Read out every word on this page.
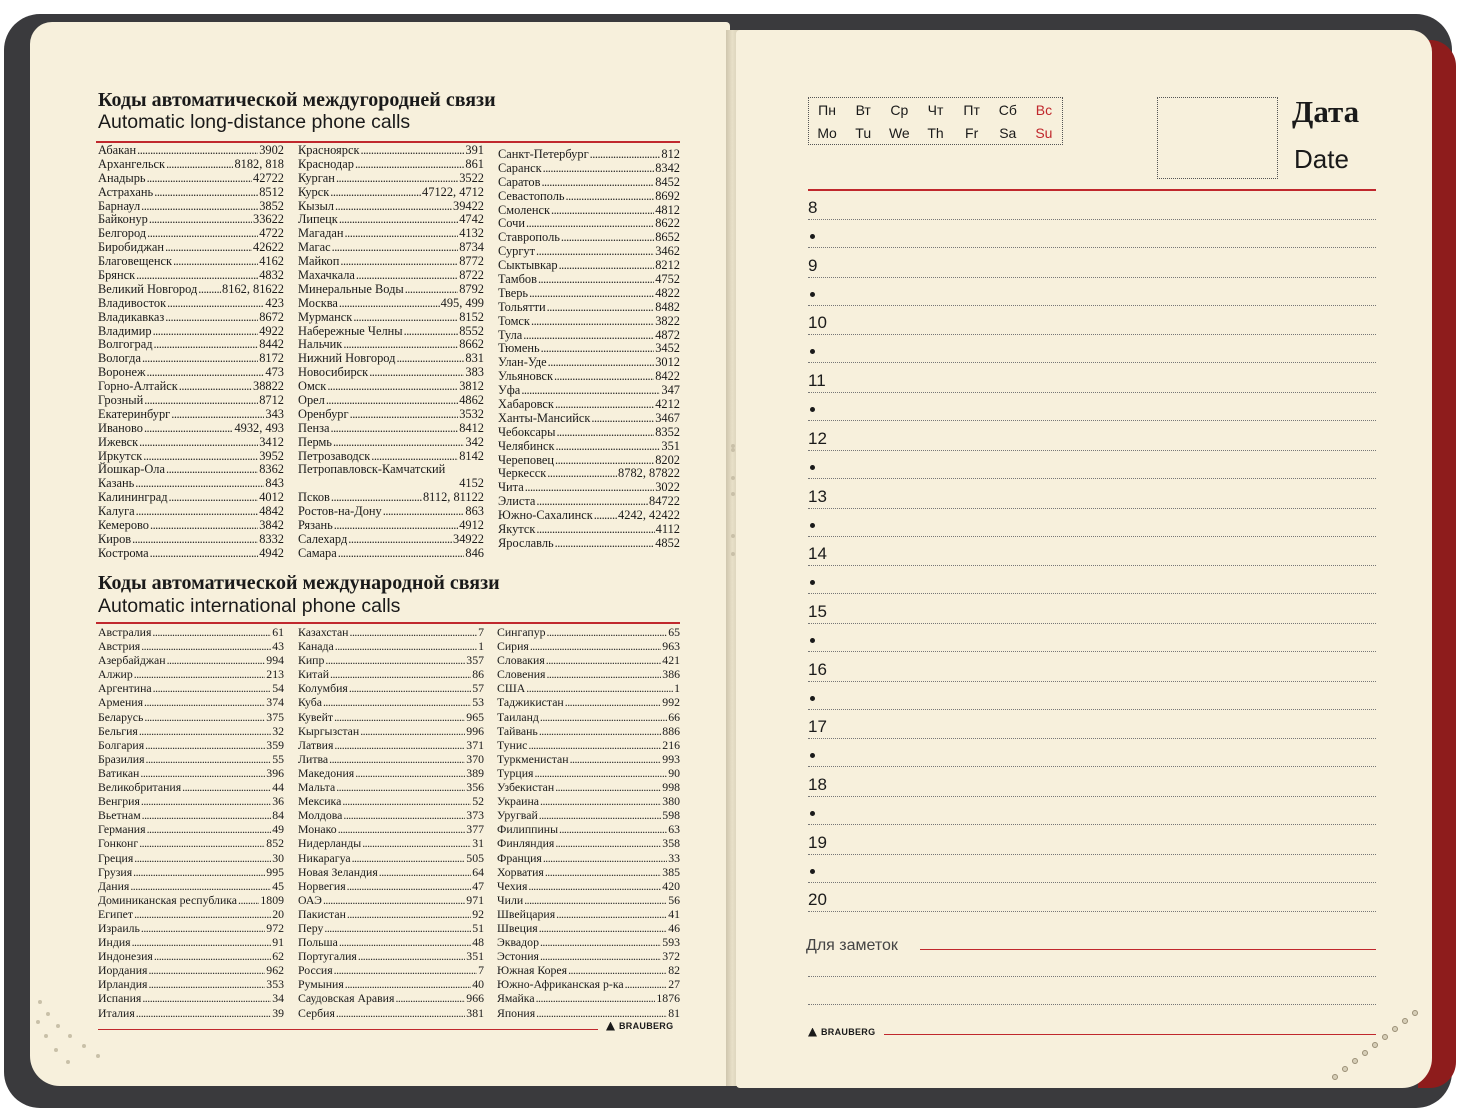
Коды автоматической междугородней связи
Automatic long-distance phone calls
Абакан .....	3902
Архангельск .....	8182, 818
Анадырь .....	42722
Астрахань .....	8512
Барнаул .....	3852
Байконур .....	33622
Белгород .....	4722
Биробиджан .....	42622
Благовещенск .....	4162
Брянск .....	4832
Великий Новгород ..... 8162, 81622
Владивосток .....	423
Владикавказ .....	8672
Владимир .....	4922
Волгоград .....	8442
Вологда .....	8172
Воронеж .....	473
Горно-Алтайск .....	38822
Грозный .....	8712
Екатеринбург .....	343
Иваново .....	4932, 493
Ижевск .....	3412
Иркутск .....	3952
Йошкар-Ола .....	8362
Казань .....	843
Калининград .....	4012
Калуга .....	4842
Кемерово .....	3842
Киров .....	8332
Кострома .....	4942
Красноярск .....	391
Краснодар .....	861
Курган .....	3522
Курск .....	47122, 4712
Кызыл .....	39422
Липецк .....	4742
Магадан .....	4132
Магас .....	8734
Майкоп .....	8772
Махачкала .....	8722
Минеральные Воды .....	8792
Москва .....	495, 499
Мурманск .....	8152
Набережные Челны .....	8552
Нальчик .....	8662
Нижний Новгород .....	831
Новосибирск .....	383
Омск .....	3812
Орел .....	4862
Оренбург .....	3532
Пенза .....	8412
Пермь .....	342
Петрозаводск .....	8142
Петропавловск-Камчатский
4152
Псков .....	8112, 81122
Ростов-на-Дону .....	863
Рязань .....	4912
Салехард .....	34922
Самара .....	846
Санкт-Петербург .....	812
Саранск .....	8342
Саратов .....	8452
Севастополь .....	8692
Смоленск .....	4812
Сочи .....	8622
Ставрополь .....	8652
Сургут .....	3462
Сыктывкар .....	8212
Тамбов .....	4752
Тверь .....	4822
Тольятти .....	8482
Томск .....	3822
Тула .....	4872
Тюмень .....	3452
Улан-Уде .....	3012
Ульяновск .....	8422
Уфа .....	347
Хабаровск .....	4212
Ханты-Мансийск .....	3467
Чебоксары .....	8352
Челябинск .....	351
Череповец .....	8202
Черкесск .....	8782, 87822
Чита .....	3022
Элиста .....	84722
Южно-Сахалинск ..... 4242, 42422
Якутск .....	4112
Ярославль .....	4852
Коды автоматической международной связи
Automatic international phone calls
Австралия .....	61
Австрия .....	43
Азербайджан .....	994
Алжир .....	213
Аргентина .....	54
Армения .....	374
Беларусь .....	375
Бельгия .....	32
Болгария .....	359
Бразилия .....	55
Ватикан .....	396
Великобритания .....	44
Венгрия .....	36
Вьетнам .....	84
Германия .....	49
Гонконг .....	852
Греция .....	30
Грузия .....	995
Дания .....	45
Доминиканская республика ..... 1809
Египет .....	20
Израиль .....	972
Индия .....	91
Индонезия .....	62
Иордания .....	962
Ирландия .....	353
Испания .....	34
Италия .....	39
Казахстан .....	7
Канада .....	1
Кипр .....	357
Китай .....	86
Колумбия .....	57
Куба .....	53
Кувейт .....	965
Кыргызстан .....	996
Латвия .....	371
Литва .....	370
Македония .....	389
Мальта .....	356
Мексика .....	52
Молдова .....	373
Монако .....	377
Нидерланды .....	31
Никарагуа .....	505
Новая Зеландия .....	64
Норвегия .....	47
ОАЭ .....	971
Пакистан .....	92
Перу .....	51
Польша .....	48
Португалия .....	351
Россия .....	7
Румыния .....	40
Саудовская Аравия .....	966
Сербия .....	381
Сингапур .....	65
Сирия .....	963
Словакия .....	421
Словения .....	386
США .....	1
Таджикистан .....	992
Таиланд .....	66
Тайвань .....	886
Тунис .....	216
Туркменистан .....	993
Турция .....	90
Узбекистан .....	998
Украина .....	380
Уругвай .....	598
Филиппины .....	63
Финляндия .....	358
Франция .....	33
Хорватия .....	385
Чехия .....	420
Чили .....	56
Швейцария .....	41
Швеция .....	46
Эквадор .....	593
Эстония .....	372
Южная Корея .....	82
Южно-Африканская р-ка .....	27
Ямайка .....	1876
Япония .....	81
BRAUBERG
Пн	Вт	Ср	Чт	Пт	Сб	Вс
Mo	Tu	We	Th	Fr	Sa	Su
Дата
Date
8
9
10
11
12
13
14
15
16
17
18
19
20
Для заметок
BRAUBERG
